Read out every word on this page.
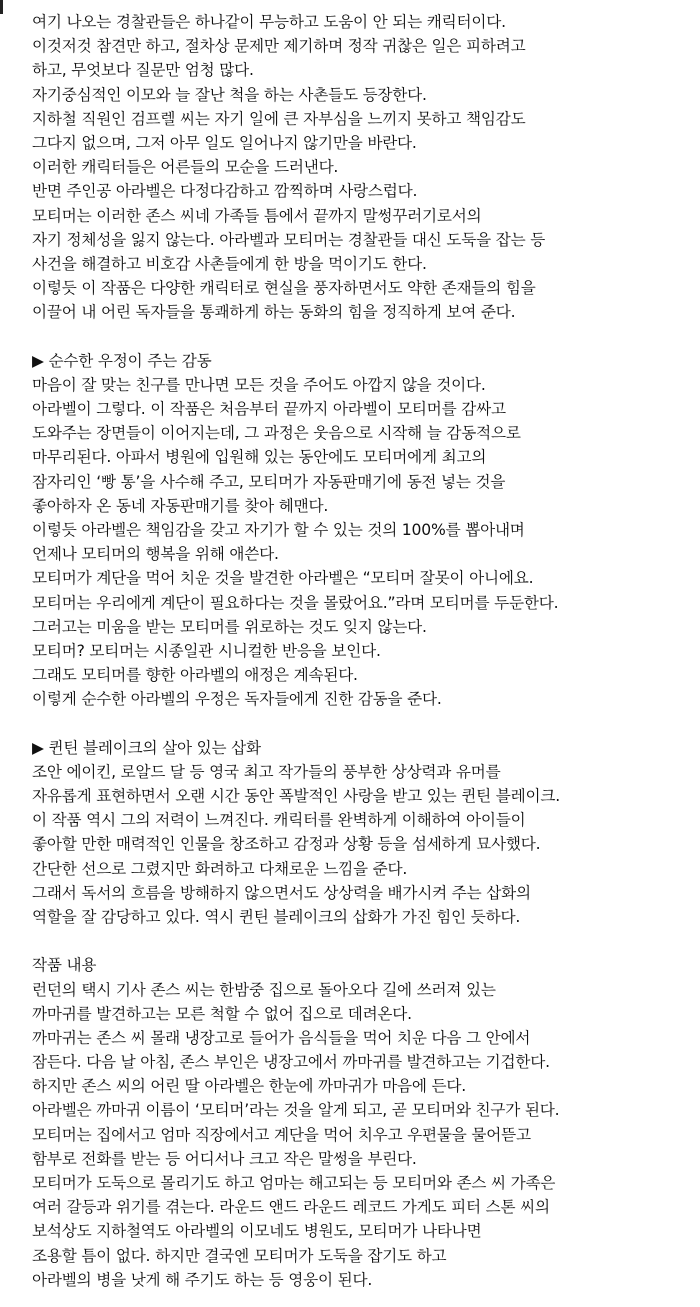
여기 나오는 경찰관들은 하나같이 무능하고 도움이 안 되는 캐릭터이다.
이것저것 참견만 하고, 절차상 문제만 제기하며 정작 귀찮은 일은 피하려고
하고, 무엇보다 질문만 엄청 많다.
자기중심적인 이모와 늘 잘난 척을 하는 사촌들도 등장한다.
지하철 직원인 검프렐 씨는 자기 일에 큰 자부심을 느끼지 못하고 책임감도
그다지 없으며, 그저 아무 일도 일어나지 않기만을 바란다.
이러한 캐릭터들은 어른들의 모순을 드러낸다.
반면 주인공 아라벨은 다정다감하고 깜찍하며 사랑스럽다.
모티머는 이러한 존스 씨네 가족들 틈에서 끝까지 말썽꾸러기로서의
자기 정체성을 잃지 않는다. 아라벨과 모티머는 경찰관들 대신 도둑을 잡는 등
사건을 해결하고 비호감 사촌들에게 한 방을 먹이기도 한다.
이렇듯 이 작품은 다양한 캐릭터로 현실을 풍자하면서도 약한 존재들의 힘을
이끌어 내 어린 독자들을 통쾌하게 하는 동화의 힘을 정직하게 보여 준다.
▶ 순수한 우정이 주는 감동
마음이 잘 맞는 친구를 만나면 모든 것을 주어도 아깝지 않을 것이다.
아라벨이 그렇다. 이 작품은 처음부터 끝까지 아라벨이 모티머를 감싸고
도와주는 장면들이 이어지는데, 그 과정은 웃음으로 시작해 늘 감동적으로
마무리된다. 아파서 병원에 입원해 있는 동안에도 모티머에게 최고의
잠자리인 ‘빵 통’을 사수해 주고, 모티머가 자동판매기에 동전 넣는 것을
좋아하자 온 동네 자동판매기를 찾아 헤맨다.
이렇듯 아라벨은 책임감을 갖고 자기가 할 수 있는 것의 100%를 뽑아내며
언제나 모티머의 행복을 위해 애쓴다.
모티머가 계단을 먹어 치운 것을 발견한 아라벨은 “모티머 잘못이 아니에요.
모티머는 우리에게 계단이 필요하다는 것을 몰랐어요.”라며 모티머를 두둔한다.
그러고는 미움을 받는 모티머를 위로하는 것도 잊지 않는다.
모티머? 모티머는 시종일관 시니컬한 반응을 보인다.
그래도 모티머를 향한 아라벨의 애정은 계속된다.
이렇게 순수한 아라벨의 우정은 독자들에게 진한 감동을 준다.
▶ 퀸틴 블레이크의 살아 있는 삽화
조안 에이킨, 로알드 달 등 영국 최고 작가들의 풍부한 상상력과 유머를
자유롭게 표현하면서 오랜 시간 동안 폭발적인 사랑을 받고 있는 퀸틴 블레이크.
이 작품 역시 그의 저력이 느껴진다. 캐릭터를 완벽하게 이해하여 아이들이
좋아할 만한 매력적인 인물을 창조하고 감정과 상황 등을 섬세하게 묘사했다.
간단한 선으로 그렸지만 화려하고 다채로운 느낌을 준다.
그래서 독서의 흐름을 방해하지 않으면서도 상상력을 배가시켜 주는 삽화의
역할을 잘 감당하고 있다. 역시 퀸틴 블레이크의 삽화가 가진 힘인 듯하다.
작품 내용
런던의 택시 기사 존스 씨는 한밤중 집으로 돌아오다 길에 쓰러져 있는
까마귀를 발견하고는 모른 척할 수 없어 집으로 데려온다.
까마귀는 존스 씨 몰래 냉장고로 들어가 음식들을 먹어 치운 다음 그 안에서
잠든다. 다음 날 아침, 존스 부인은 냉장고에서 까마귀를 발견하고는 기겁한다.
하지만 존스 씨의 어린 딸 아라벨은 한눈에 까마귀가 마음에 든다.
아라벨은 까마귀 이름이 ‘모티머’라는 것을 알게 되고, 곧 모티머와 친구가 된다.
모티머는 집에서고 엄마 직장에서고 계단을 먹어 치우고 우편물을 물어뜯고
함부로 전화를 받는 등 어디서나 크고 작은 말썽을 부린다.
모티머가 도둑으로 몰리기도 하고 엄마는 해고되는 등 모티머와 존스 씨 가족은
여러 갈등과 위기를 겪는다. 라운드 앤드 라운드 레코드 가게도 피터 스톤 씨의
보석상도 지하철역도 아라벨의 이모네도 병원도, 모티머가 나타나면
조용할 틈이 없다. 하지만 결국엔 모티머가 도둑을 잡기도 하고
아라벨의 병을 낫게 해 주기도 하는 등 영웅이 된다.
